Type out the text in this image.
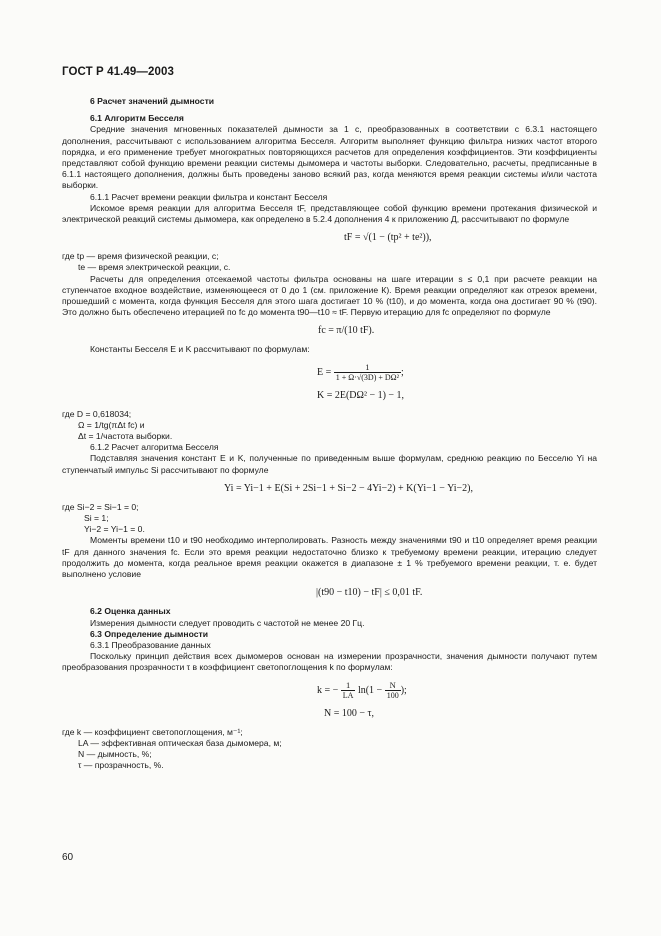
ГОСТ Р 41.49—2003

6 Расчет значений дымности

6.1 Алгоритм Бесселя

Средние значения мгновенных показателей дымности за 1 с, преобразованных в соответствии с 6.3.1 настоящего дополнения, рассчитывают с использованием алгоритма Бесселя. Алгоритм выполняет функцию фильтра низких частот второго порядка, и его применение требует многократных повторяющихся расчетов для определения коэффициентов. Эти коэффициенты представляют собой функцию времени реакции системы дымомера и частоты выборки. Следовательно, расчеты, предписанные в 6.1.1 настоящего дополнения, должны быть проведены заново всякий раз, когда меняются время реакции системы и/или частота выборки.

6.1.1 Расчет времени реакции фильтра и констант Бесселя

Искомое время реакции для алгоритма Бесселя tF, представляющее собой функцию времени протекания физической и электрической реакций системы дымомера, как определено в 5.2.4 дополнения 4 к приложению Д, рассчитывают по формуле

tF = √(1 − (tp² + te²)),

где tp — время физической реакции, с;

te — время электрической реакции, с.

Расчеты для определения отсекаемой частоты фильтра основаны на шаге итерации s ≤ 0,1 при расчете реакции на ступенчатое входное воздействие, изменяющееся от 0 до 1 (см. приложение К). Время реакции определяют как отрезок времени, прошедший с момента, когда функция Бесселя для этого шага достигает 10 % (t10), и до момента, когда она достигает 90 % (t90). Это должно быть обеспечено итерацией по fc до момента t90—t10 ≈ tF. Первую итерацию для fc определяют по формуле

fc = π/(10 tF).

Константы Бесселя E и K рассчитывают по формулам:

$E = \frac{1}{\text{1 + Ω·√(3D) + DΩ²}}$ ;
K = 2E(DΩ² − 1) − 1,

где D = 0,618034;

Ω = 1/tg(πΔt fc) и

Δt = 1/частота выборки.

6.1.2 Расчет алгоритма Бесселя

Подставляя значения констант E и K, полученные по приведенным выше формулам, среднюю реакцию по Бесселю Yi на ступенчатый импульс Si рассчитывают по формуле

Yi = Yi−1 + E(Si + 2Si−1 + Si−2 − 4Yi−2) + K(Yi−1 − Yi−2),

где Si−2 = Si−1 = 0;

Si = 1;

Yi−2 = Yi−1 = 0.

Моменты времени t10 и t90 необходимо интерполировать. Разность между значениями t90 и t10 определяет время реакции tF для данного значения fc. Если это время реакции недостаточно близко к требуемому времени реакции, итерацию следует продолжить до момента, когда реальное время реакции окажется в диапазоне ± 1 % требуемого времени реакции, т. е. будет выполнено условие

|(t90 − t10) − tF| ≤ 0,01 tF.

6.2 Оценка данных

Измерения дымности следует проводить с частотой не менее 20 Гц.

6.3 Определение дымности

6.3.1 Преобразование данных

Поскольку принцип действия всех дымомеров основан на измерении прозрачности, значения дымности получают путем преобразования прозрачности τ в коэффициент светопоглощения k по формулам:

k = − $\frac{1}{LA} \ln(1 - \frac{N}{100}$ );
N = 100 − τ,

где k — коэффициент светопоглощения, м⁻¹;

LA — эффективная оптическая база дымомера, м;

N — дымность, %;

τ — прозрачность, %.

60
